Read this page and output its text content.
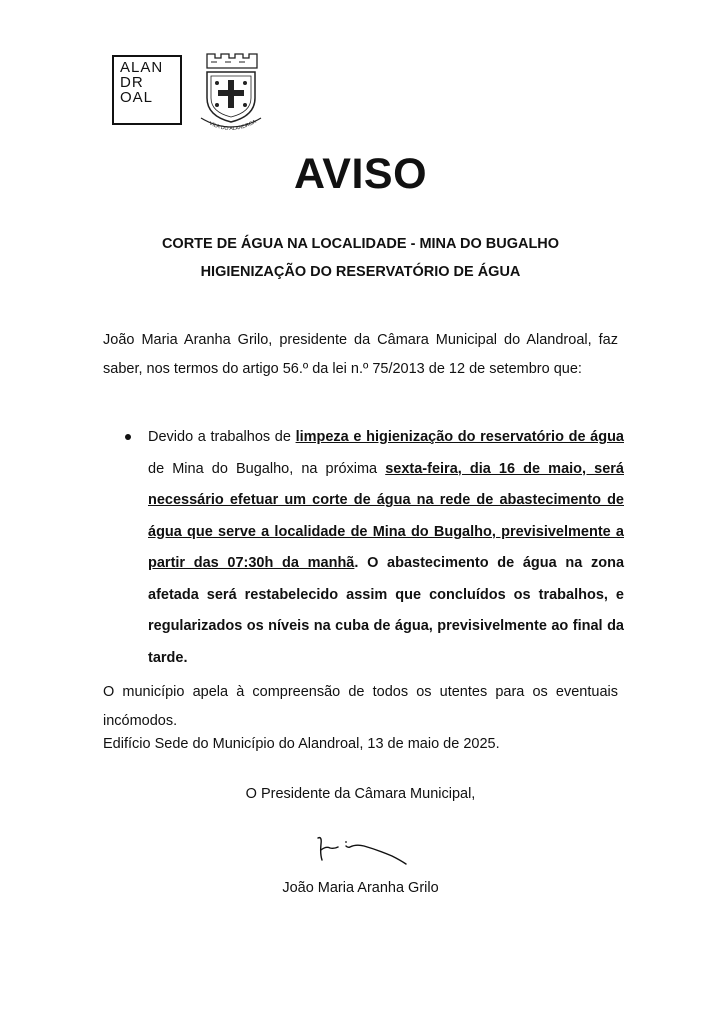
ALAN
DR
OAL
VILA DO ALANDROA
AVISO
CORTE DE ÁGUA NA LOCALIDADE - MINA DO BUGALHO
HIGIENIZAÇÃO DO RESERVATÓRIO DE ÁGUA
João Maria Aranha Grilo, presidente da Câmara Municipal do Alandroal, faz saber, nos termos do artigo 56.º da lei n.º 75/2013 de 12 de setembro que:
Devido a trabalhos de limpeza e higienização do reservatório de água de Mina do Bugalho, na próxima sexta-feira, dia 16 de maio, será necessário efetuar um corte de água na rede de abastecimento de água que serve a localidade de Mina do Bugalho, previsivelmente a partir das 07:30h da manhã. O abastecimento de água na zona afetada será restabelecido assim que concluídos os trabalhos, e regularizados os níveis na cuba de água, previsivelmente ao final da tarde.
O município apela à compreensão de todos os utentes para os eventuais incómodos.
Edifício Sede do Município do Alandroal, 13 de maio de 2025.
O Presidente da Câmara Municipal,
João Maria Aranha Grilo
